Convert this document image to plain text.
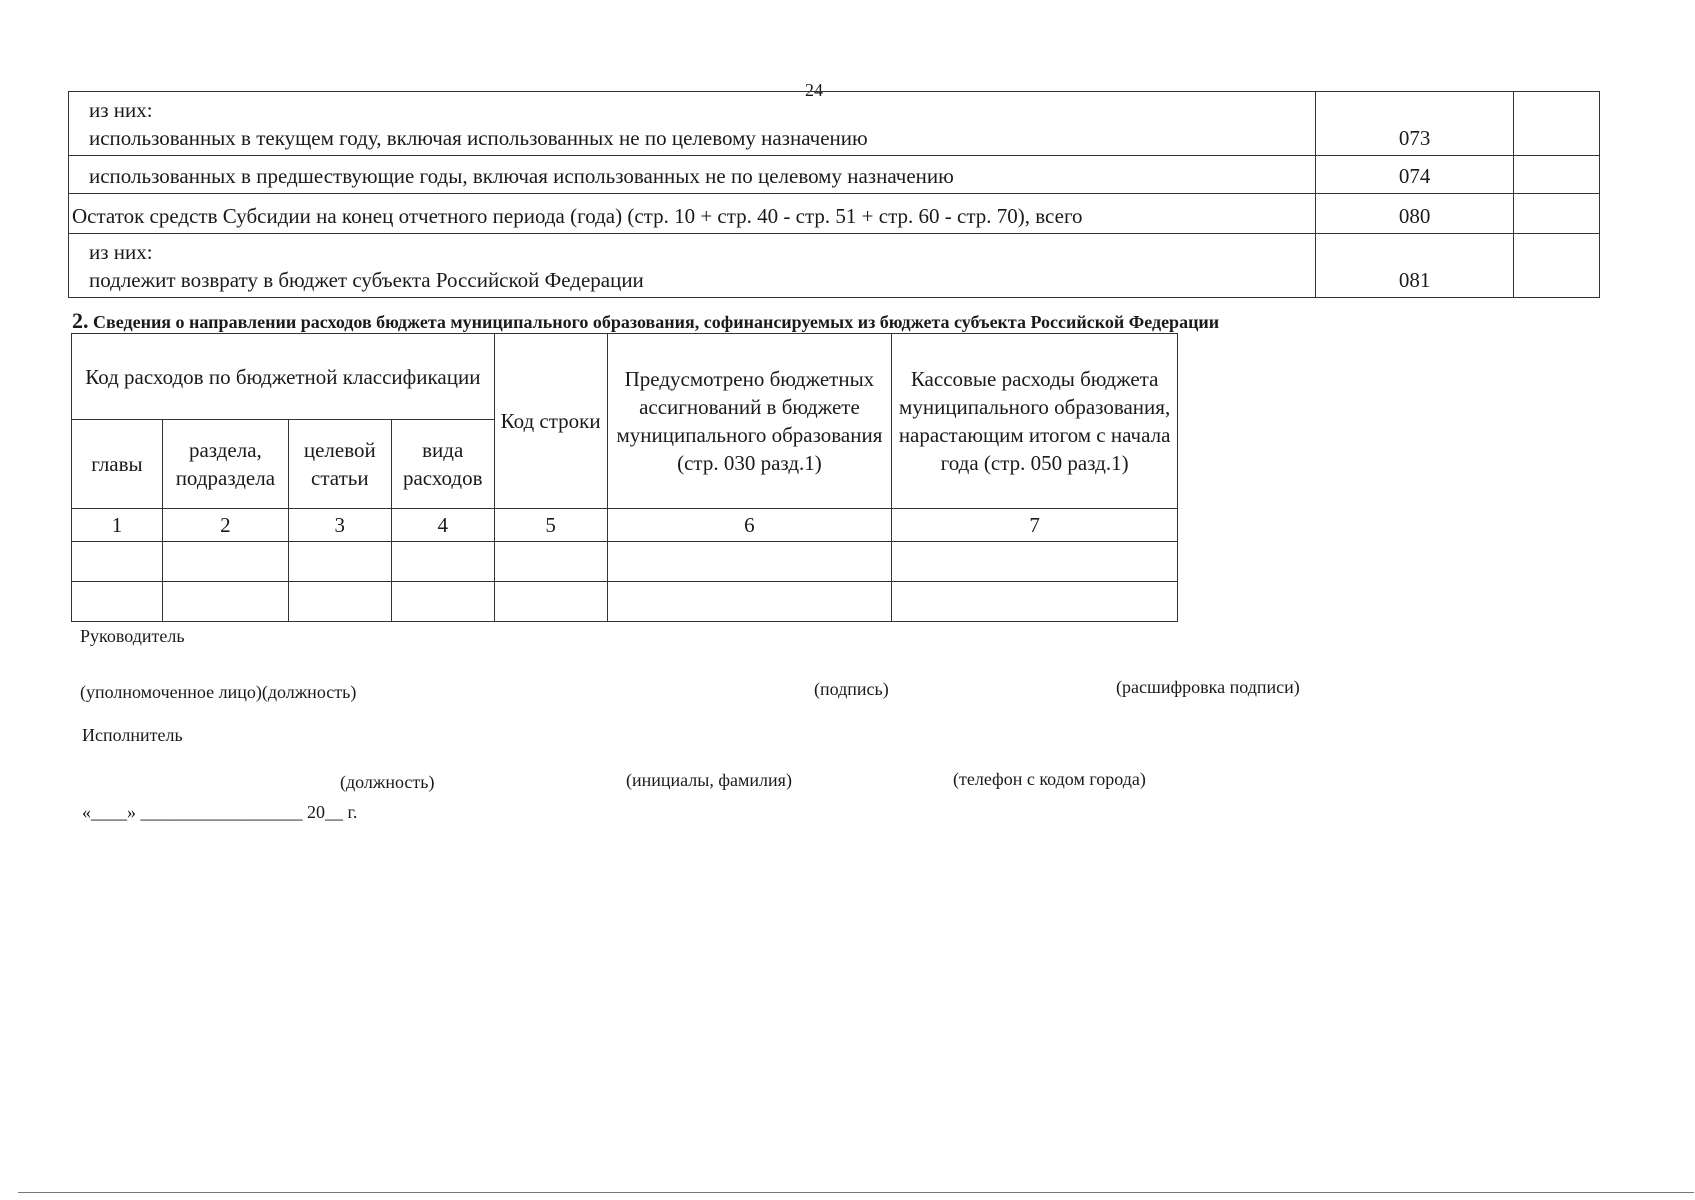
24
из них:
использованных в текущем году, включая использованных не по целевому назначению	073	

использованных в предшествующие годы, включая использованных не по целевому назначению	074	

Остаток средств Субсидии на конец отчетного периода (года) (стр. 10 + стр. 40 - стр. 51 + стр. 60 - стр. 70), всего	080	

из них:
подлежит возврату в бюджет субъекта Российской Федерации	081	
2. Сведения о направлении расходов бюджета муниципального образования, софинансируемых из бюджета субъекта Российской Федерации
Код расходов по бюджетной классификации				Код строки	Предусмотрено бюджетных ассигнований в бюджете муниципального образования (стр. 030 разд.1)	Кассовые расходы бюджета муниципального образования, нарастающим итогом с начала года (стр. 050 разд.1)
главы	раздела, подраздела	целевой статьи	вида расходов			
1	2	3	4	5	6	7

Руководитель
(уполномоченное лицо)(должность)	(подпись)	(расшифровка подписи)
Исполнитель
(должность)	(инициалы, фамилия)	(телефон с кодом города)
«____» __________________ 20__ г.
